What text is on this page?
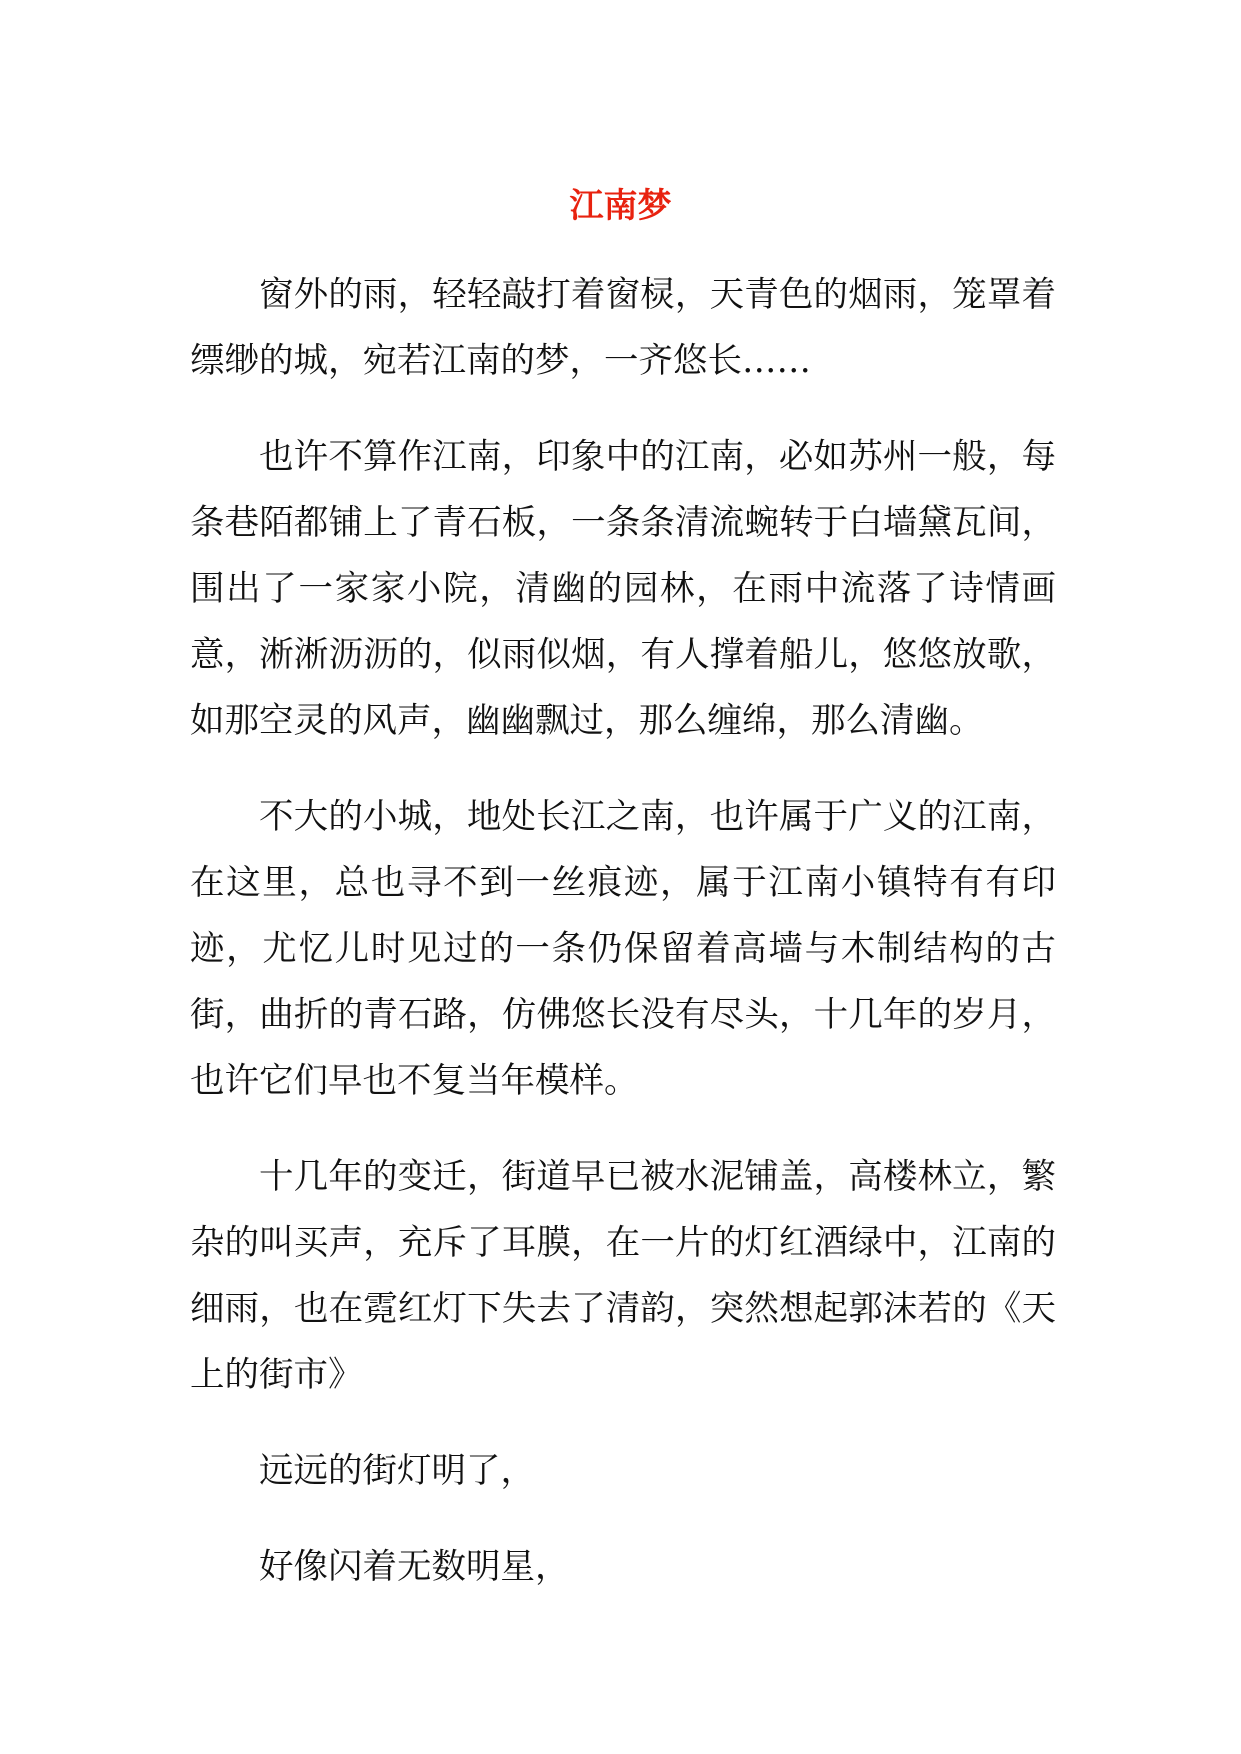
江南梦

窗外的雨，轻轻敲打着窗棂，天青色的烟雨，笼罩着缥缈的城，宛若江南的梦，一齐悠长……

也许不算作江南，印象中的江南，必如苏州一般，每条巷陌都铺上了青石板，一条条清流蜿转于白墙黛瓦间，围出了一家家小院，清幽的园林，在雨中流落了诗情画意，淅淅沥沥的，似雨似烟，有人撑着船儿，悠悠放歌，如那空灵的风声，幽幽飘过，那么缠绵，那么清幽。

不大的小城，地处长江之南，也许属于广义的江南，在这里，总也寻不到一丝痕迹，属于江南小镇特有有印迹，尤忆儿时见过的一条仍保留着高墙与木制结构的古街，曲折的青石路，仿佛悠长没有尽头，十几年的岁月，也许它们早也不复当年模样。

十几年的变迁，街道早已被水泥铺盖，高楼林立，繁杂的叫买声，充斥了耳膜，在一片的灯红酒绿中，江南的细雨，也在霓红灯下失去了清韵，突然想起郭沫若的《天上的街市》

远远的街灯明了，

好像闪着无数明星，
